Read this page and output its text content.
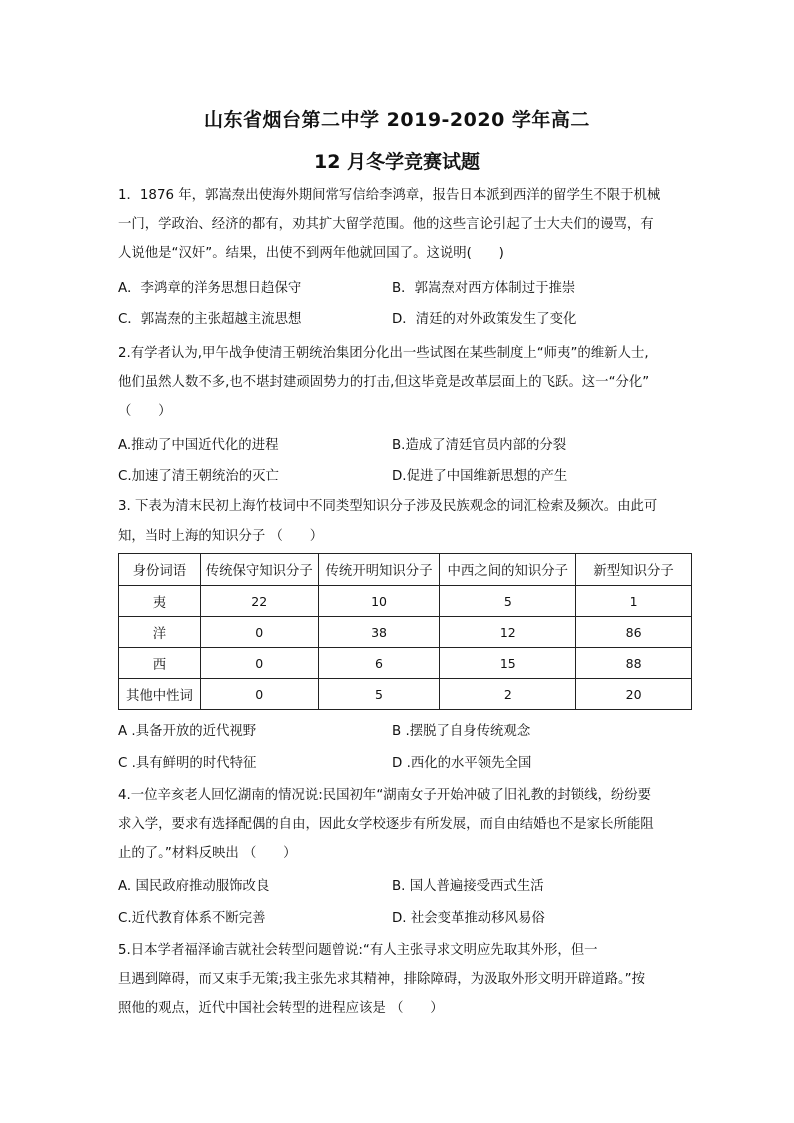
山东省烟台第二中学 2019-2020 学年高二
12 月冬学竞赛试题
1．1876 年，郭嵩焘出使海外期间常写信给李鸿章，报告日本派到西洋的留学生不限于机械
一门，学政治、经济的都有，劝其扩大留学范围。他的这些言论引起了士大夫们的谩骂，有
人说他是“汉奸”。结果，出使不到两年他就回国了。这说明(　　)
A．李鸿章的洋务思想日趋保守	B．郭嵩焘对西方体制过于推崇
C．郭嵩焘的主张超越主流思想	D．清廷的对外政策发生了变化
2.有学者认为,甲午战争使清王朝统治集团分化出一些试图在某些制度上“师夷”的维新人士,
他们虽然人数不多,也不堪封建顽固势力的打击,但这毕竟是改革层面上的飞跃。这一“分化”
（　　）
A.推动了中国近代化的进程	B.造成了清廷官员内部的分裂
C.加速了清王朝统治的灭亡	D.促进了中国维新思想的产生
3. 下表为清末民初上海竹枝词中不同类型知识分子涉及民族观念的词汇检索及频次。由此可
知，当时上海的知识分子 （　　）
身份词语	传统保守知识分子	传统开明知识分子	中西之间的知识分子	新型知识分子
夷	22	10	5	1
洋	0	38	12	86
西	0	6	15	88
其他中性词	0	5	2	20
A .具备开放的近代视野	B .摆脱了自身传统观念
C .具有鲜明的时代特征	D .西化的水平领先全国
4.一位辛亥老人回忆湖南的情况说:民国初年“湖南女子开始冲破了旧礼教的封锁线，纷纷要
求入学，要求有选择配偶的自由，因此女学校逐步有所发展，而自由结婚也不是家长所能阻
止的了。”材料反映出 （　　）
A. 国民政府推动服饰改良	B. 国人普遍接受西式生活
C.近代教育体系不断完善	D. 社会变革推动移风易俗
5.日本学者福泽谕吉就社会转型问题曾说:“有人主张寻求文明应先取其外形，但一
旦遇到障碍，而又束手无策;我主张先求其精神，排除障碍，为汲取外形文明开辟道路。”按
照他的观点，近代中国社会转型的进程应该是 （　　）
